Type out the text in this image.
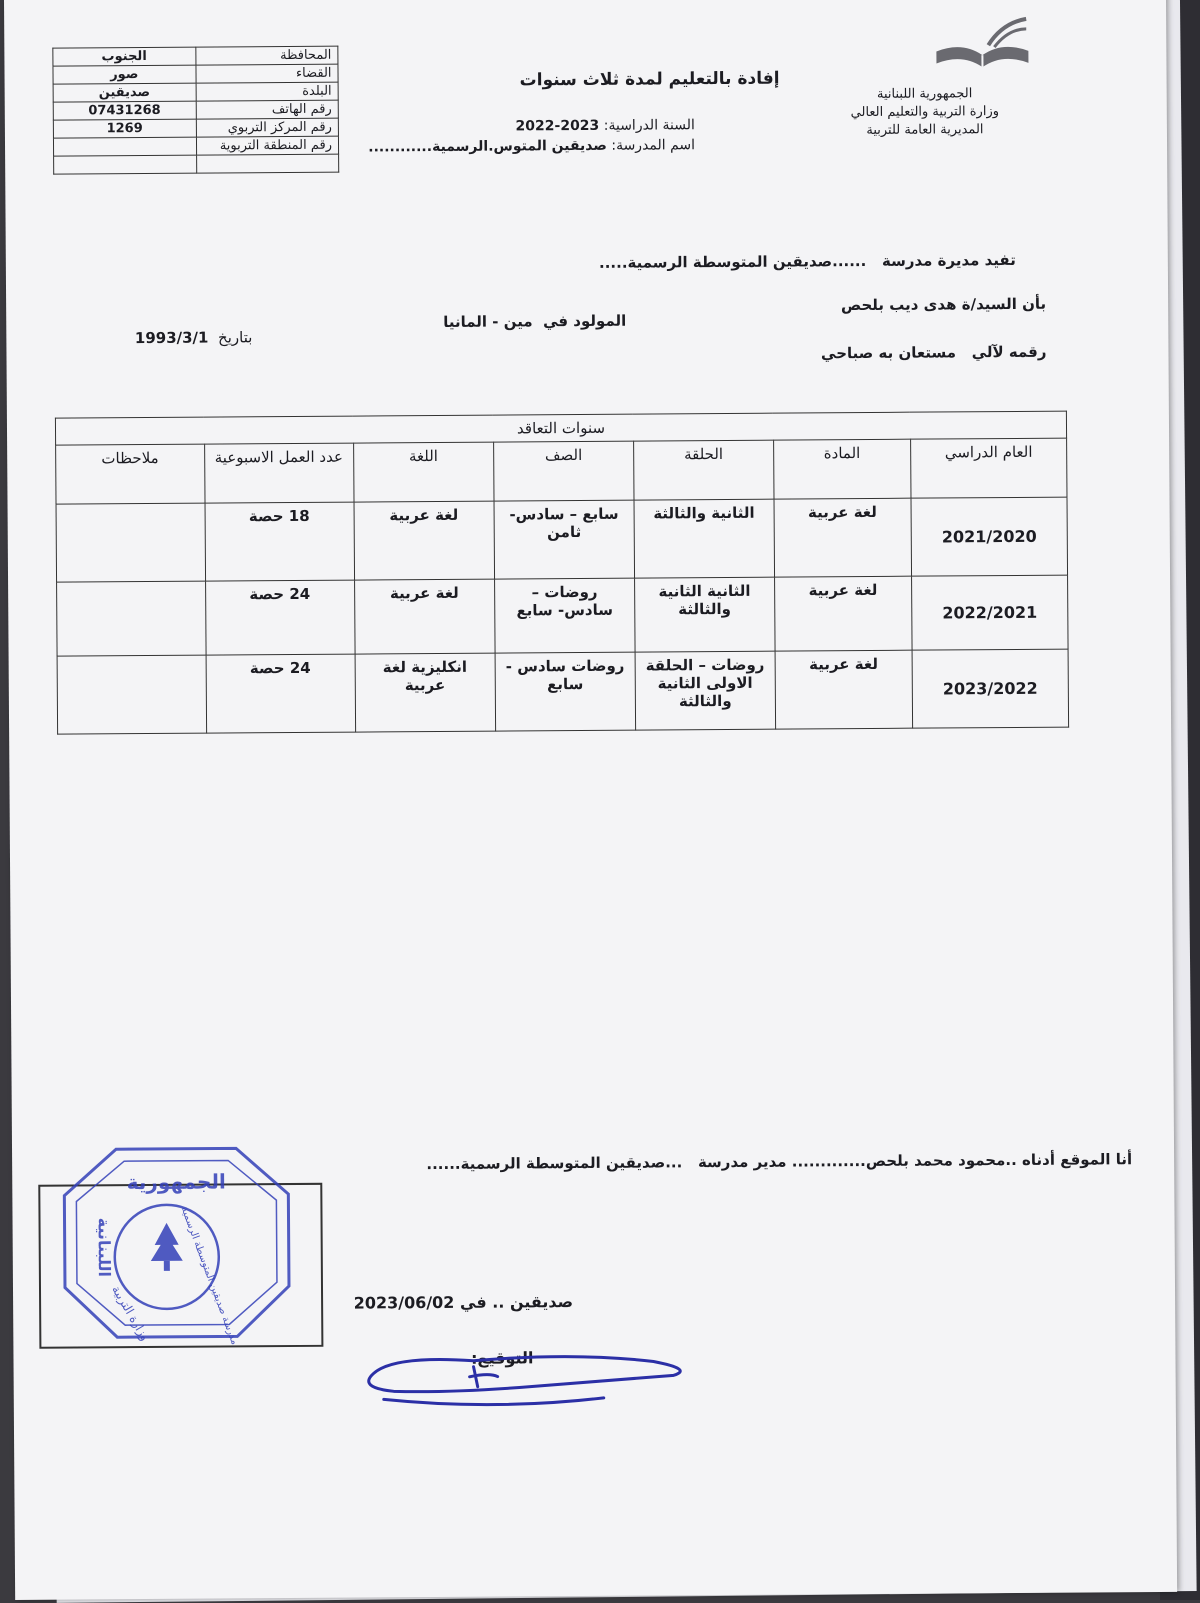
الجنوب	المحافظة
صور	القضاء
صديقين	البلدة
07431268	رقم الهاتف
1269	رقم المركز التربوي
	رقم المنطقة التربوية

إفادة بالتعليم لمدة ثلاث سنوات
السنة الدراسية: 2023-2022
اسم المدرسة: صديقين المتوس.الرسمية............
الجمهورية اللبنانية
وزارة التربية والتعليم العالي
المديرية العامة للتربية
تفيد مديرة مدرسة   ......صديقين المتوسطة الرسمية.....
بأن السيد/ة هدى ديب بلحص
المولود في  مين - المانيا
بتاريخ  1993/3/1
رقمه لآلي   مستعان به صباحي
سنوات التعاقد						
العام الدراسي	المادة	الحلقة	الصف	اللغة	عدد العمل الاسبوعية	ملاحظات
2021/2020	لغة عربية	الثانية والثالثة	سابع – سادس- ثامن	لغة عربية	18 حصة	
2022/2021	لغة عربية	الثانية الثانية والثالثة	روضات – سادس- سابع	لغة عربية	24 حصة	
2023/2022	لغة عربية	روضات – الحلقة الاولى الثانية والثالثة	روضات سادس - سابع	انكليزية لغة عربية	24 حصة	
أنا الموقع أدناه ..محمود محمد بلحص............. مدير مدرسة   ...صديقين المتوسطة الرسمية......
صديقين .. في 2023/06/02
التوقيع:
الجمهورية
اللبنانية	مدرسة صديقين المتوسطة الرسمية
وزارة التربية
